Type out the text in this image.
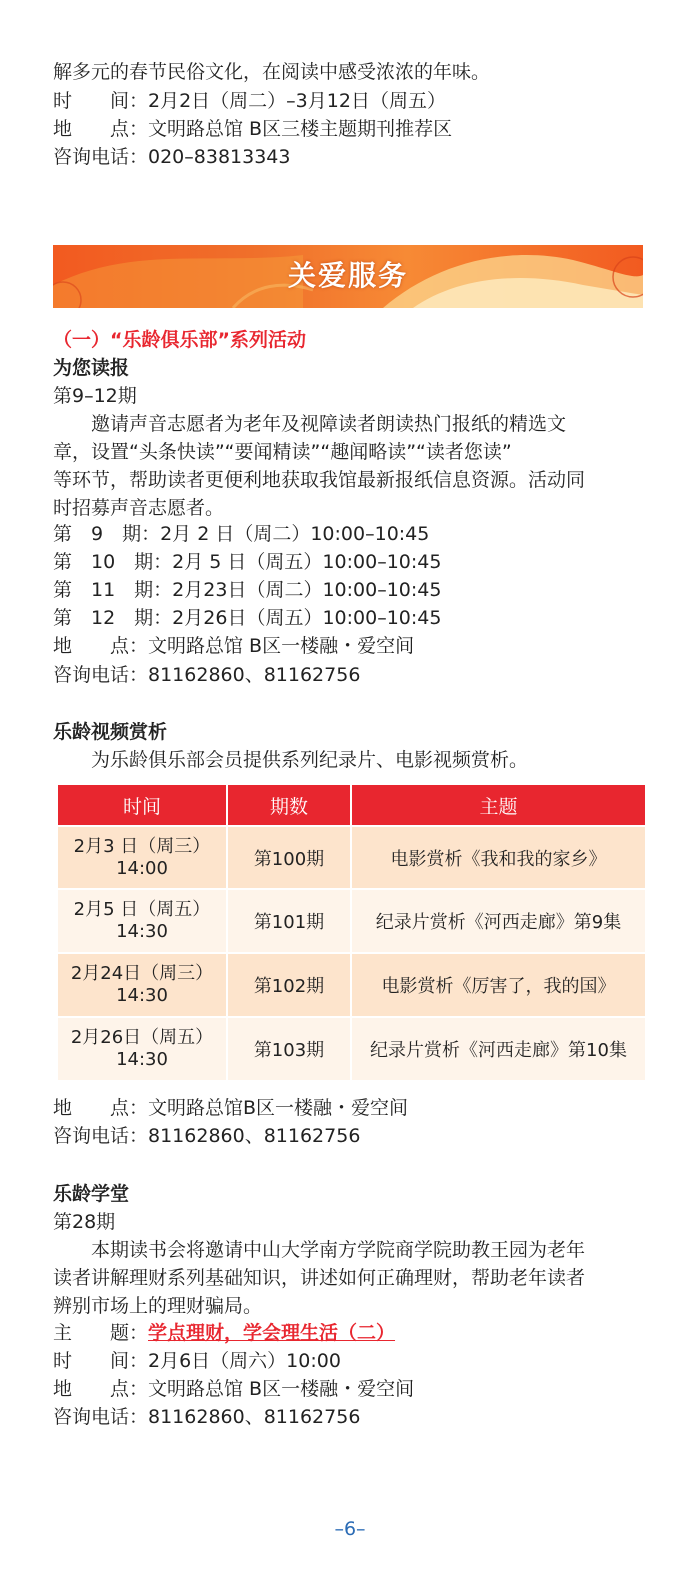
解多元的春节民俗文化，在阅读中感受浓浓的年味。
时　　间：2月2日（周二）–3月12日（周五）
地　　点：文明路总馆 B区三楼主题期刊推荐区
咨询电话：020–83813343
关爱服务
（一）“乐龄俱乐部”系列活动
为您读报
第9–12期
　　邀请声音志愿者为老年及视障读者朗读热门报纸的精选文
章，设置“头条快读”“要闻精读”“趣闻略读”“读者您读”
等环节，帮助读者更便利地获取我馆最新报纸信息资源。活动同
时招募声音志愿者。
第　9　期：2月 2 日（周二）10:00–10:45
第　10　期：2月 5 日（周五）10:00–10:45
第　11　期：2月23日（周二）10:00–10:45
第　12　期：2月26日（周五）10:00–10:45
地　　点：文明路总馆 B区一楼融・爱空间
咨询电话：81162860、81162756
乐龄视频赏析
　　为乐龄俱乐部会员提供系列纪录片、电影视频赏析。
时间	期数	主题

2月3 日（周三）
14:00	第100期	电影赏析《我和我的家乡》

2月5 日（周五）
14:30	第101期	纪录片赏析《河西走廊》第9集

2月24日（周三）
14:30	第102期	电影赏析《厉害了，我的国》

2月26日（周五）
14:30	第103期	纪录片赏析《河西走廊》第10集
地　　点：文明路总馆B区一楼融・爱空间
咨询电话：81162860、81162756
乐龄学堂
第28期
　　本期读书会将邀请中山大学南方学院商学院助教王园为老年
读者讲解理财系列基础知识，讲述如何正确理财，帮助老年读者
辨别市场上的理财骗局。
主　　题：学点理财，学会理生活（二）
时　　间：2月6日（周六）10:00
地　　点：文明路总馆 B区一楼融・爱空间
咨询电话：81162860、81162756
–6–
